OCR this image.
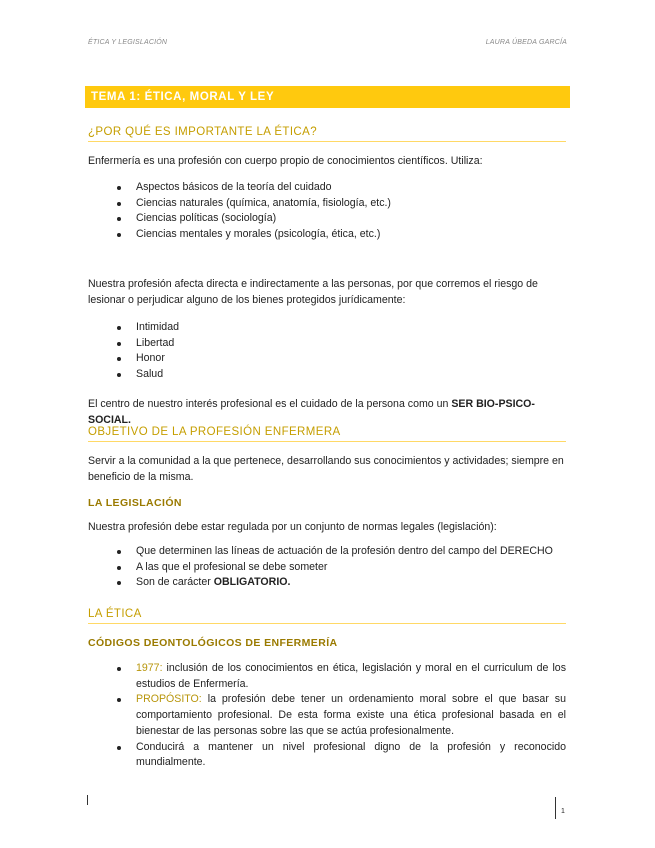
ÉTICA Y LEGISLACIÓN	LAURA ÚBEDA GARCÍA
TEMA 1: ÉTICA, MORAL Y LEY
¿POR QUÉ ES IMPORTANTE LA ÉTICA?
Enfermería es una profesión con cuerpo propio de conocimientos científicos. Utiliza:
Aspectos básicos de la teoría del cuidado
Ciencias naturales (química, anatomía, fisiología, etc.)
Ciencias políticas (sociología)
Ciencias mentales y morales (psicología, ética, etc.)
Nuestra profesión afecta directa e indirectamente a las personas, por que corremos el riesgo de lesionar o perjudicar alguno de los bienes protegidos jurídicamente:
Intimidad
Libertad
Honor
Salud
El centro de nuestro interés profesional es el cuidado de la persona como un SER BIO-PSICO-SOCIAL.
OBJETIVO DE LA PROFESIÓN ENFERMERA
Servir a la comunidad a la que pertenece, desarrollando sus conocimientos y actividades; siempre en beneficio de la misma.
LA LEGISLACIÓN
Nuestra profesión debe estar regulada por un conjunto de normas legales (legislación):
Que determinen las líneas de actuación de la profesión dentro del campo del DERECHO
A las que el profesional se debe someter
Son de carácter OBLIGATORIO.
LA ÉTICA
CÓDIGOS DEONTOLÓGICOS DE ENFERMERÍA
1977: inclusión de los conocimientos en ética, legislación y moral en el curriculum de los estudios de Enfermería.
PROPÓSITO: la profesión debe tener un ordenamiento moral sobre el que basar su comportamiento profesional. De esta forma existe una ética profesional basada en el bienestar de las personas sobre las que se actúa profesionalmente.
Conducirá a mantener un nivel profesional digno de la profesión y reconocido mundialmente.
1
